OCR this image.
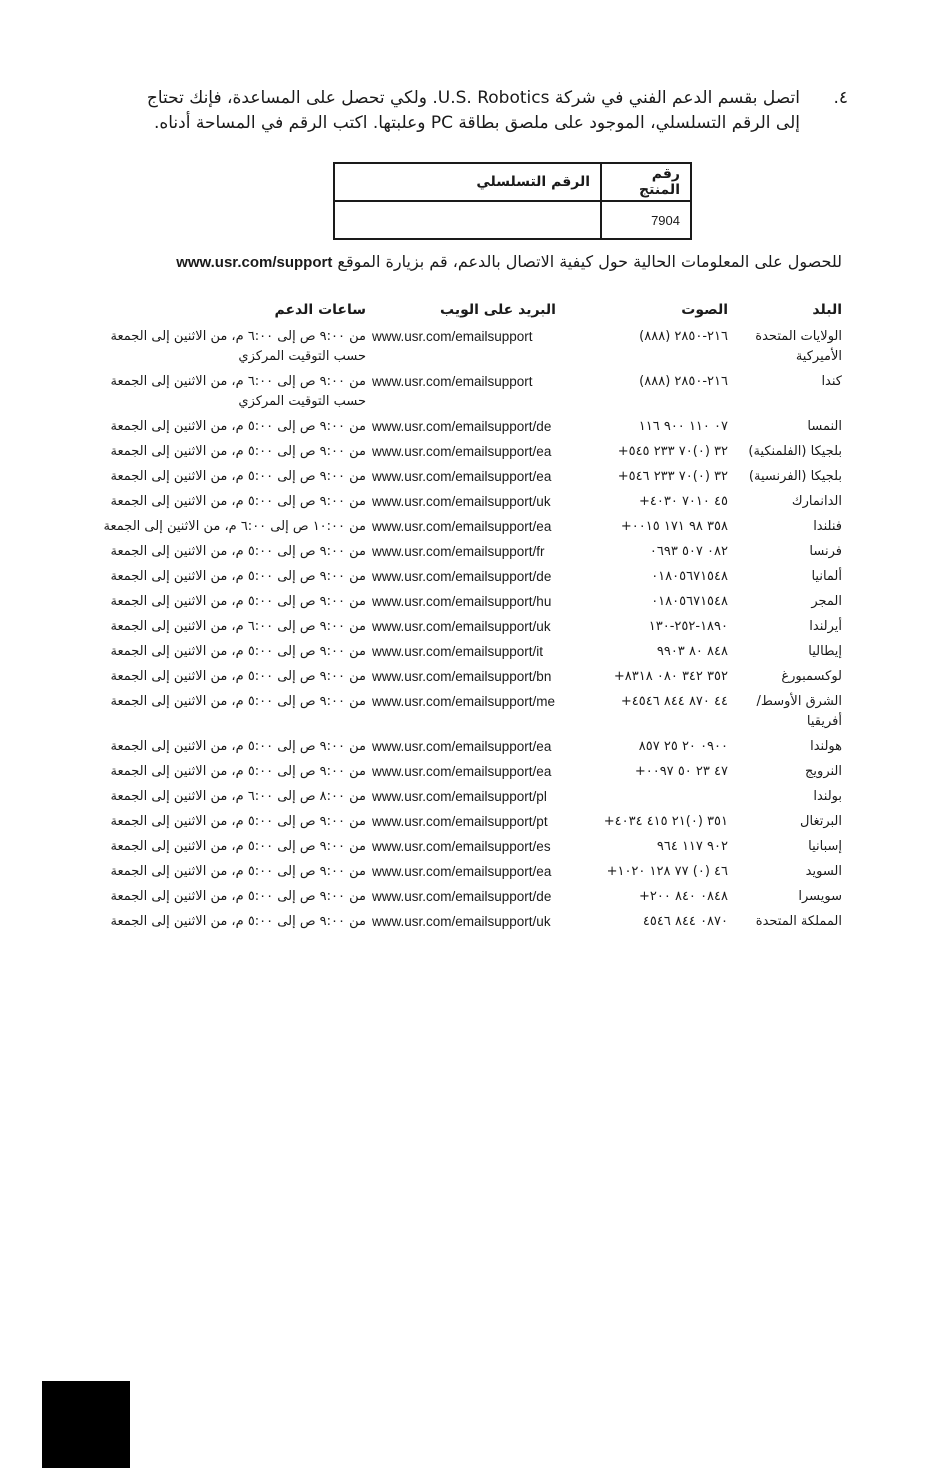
٤.
اتصل بقسم الدعم الفني في شركة U.S. Robotics. ولكي تحصل على المساعدة، فإنك تحتاج
إلى الرقم التسلسلي، الموجود على ملصق بطاقة PC وعلبتها. اكتب الرقم في المساحة أدناه.
رقم المنتج	الرقم التسلسلي
7904	
للحصول على المعلومات الحالية حول كيفية الاتصال بالدعم، قم بزيارة الموقع www.usr.com/support
البلد	الصوت	البريد على الويب	ساعات الدعم
الولايات المتحدة الأميركية	(٨٨٨) ٢١٦-٢٨٥٠	www.usr.com/emailsupport	من ٩:٠٠ ص إلى ٦:٠٠ م، من الاثنين إلى الجمعة حسب التوقيت المركزي
كندا	(٨٨٨) ٢١٦-٢٨٥٠	www.usr.com/emailsupport	من ٩:٠٠ ص إلى ٦:٠٠ م، من الاثنين إلى الجمعة حسب التوقيت المركزي
النمسا	٠٧ ١١٠ ٩٠٠ ١١٦	www.usr.com/emailsupport/de	من ٩:٠٠ ص إلى ٥:٠٠ م، من الاثنين إلى الجمعة
بلجيكا (الفلمنكية)	+٣٢ (٠)٧٠ ٢٣٣ ٥٤٥	www.usr.com/emailsupport/ea	من ٩:٠٠ ص إلى ٥:٠٠ م، من الاثنين إلى الجمعة
بلجيكا (الفرنسية)	+٣٢ (٠)٧٠ ٢٣٣ ٥٤٦	www.usr.com/emailsupport/ea	من ٩:٠٠ ص إلى ٥:٠٠ م، من الاثنين إلى الجمعة
الدانمارك	+٤٥ ٧٠١٠ ٤٠٣٠	www.usr.com/emailsupport/uk	من ٩:٠٠ ص إلى ٥:٠٠ م، من الاثنين إلى الجمعة
فنلندا	+٣٥٨ ٩٨ ١٧١ ٠٠١٥	www.usr.com/emailsupport/ea	من ١٠:٠٠ ص إلى ٦:٠٠ م، من الاثنين إلى الجمعة
فرنسا	٠٨٢ ٥٠٧ ٠٦٩٣	www.usr.com/emailsupport/fr	من ٩:٠٠ ص إلى ٥:٠٠ م، من الاثنين إلى الجمعة
ألمانيا	٠١٨٠٥٦٧١٥٤٨	www.usr.com/emailsupport/de	من ٩:٠٠ ص إلى ٥:٠٠ م، من الاثنين إلى الجمعة
المجر	٠١٨٠٥٦٧١٥٤٨	www.usr.com/emailsupport/hu	من ٩:٠٠ ص إلى ٥:٠٠ م، من الاثنين إلى الجمعة
أيرلندا	١٨٩٠-٢٥٢-١٣٠	www.usr.com/emailsupport/uk	من ٩:٠٠ ص إلى ٦:٠٠ م، من الاثنين إلى الجمعة
إيطاليا	٨٤٨ ٨٠ ٩٩٠٣	www.usr.com/emailsupport/it	من ٩:٠٠ ص إلى ٥:٠٠ م، من الاثنين إلى الجمعة
لوكسمبورغ	+٣٥٢ ٣٤٢ ٠٨٠ ٨٣١٨	www.usr.com/emailsupport/bn	من ٩:٠٠ ص إلى ٥:٠٠ م، من الاثنين إلى الجمعة
الشرق الأوسط/ أفريقيا	+٤٤ ٨٧٠ ٨٤٤ ٤٥٤٦	www.usr.com/emailsupport/me	من ٩:٠٠ ص إلى ٥:٠٠ م، من الاثنين إلى الجمعة
هولندا	٠٩٠٠ ٢٠ ٢٥ ٨٥٧	www.usr.com/emailsupport/ea	من ٩:٠٠ ص إلى ٥:٠٠ م، من الاثنين إلى الجمعة
النرويج	+٤٧ ٢٣ ٥٠ ٠٠٩٧	www.usr.com/emailsupport/ea	من ٩:٠٠ ص إلى ٥:٠٠ م، من الاثنين إلى الجمعة
بولندا		www.usr.com/emailsupport/pl	من ٨:٠٠ ص إلى ٦:٠٠ م، من الاثنين إلى الجمعة
البرتغال	+٣٥١ (٠)٢١ ٤١٥ ٤٠٣٤	www.usr.com/emailsupport/pt	من ٩:٠٠ ص إلى ٥:٠٠ م، من الاثنين إلى الجمعة
إسبانيا	٩٠٢ ١١٧ ٩٦٤	www.usr.com/emailsupport/es	من ٩:٠٠ ص إلى ٥:٠٠ م، من الاثنين إلى الجمعة
السويد	+٤٦ (٠) ٧٧ ١٢٨ ١٠٢٠	www.usr.com/emailsupport/ea	من ٩:٠٠ ص إلى ٥:٠٠ م، من الاثنين إلى الجمعة
سويسرا	+٠٨٤٨ ٨٤٠ ٢٠٠	www.usr.com/emailsupport/de	من ٩:٠٠ ص إلى ٥:٠٠ م، من الاثنين إلى الجمعة
المملكة المتحدة	٠٨٧٠ ٨٤٤ ٤٥٤٦	www.usr.com/emailsupport/uk	من ٩:٠٠ ص إلى ٥:٠٠ م، من الاثنين إلى الجمعة
